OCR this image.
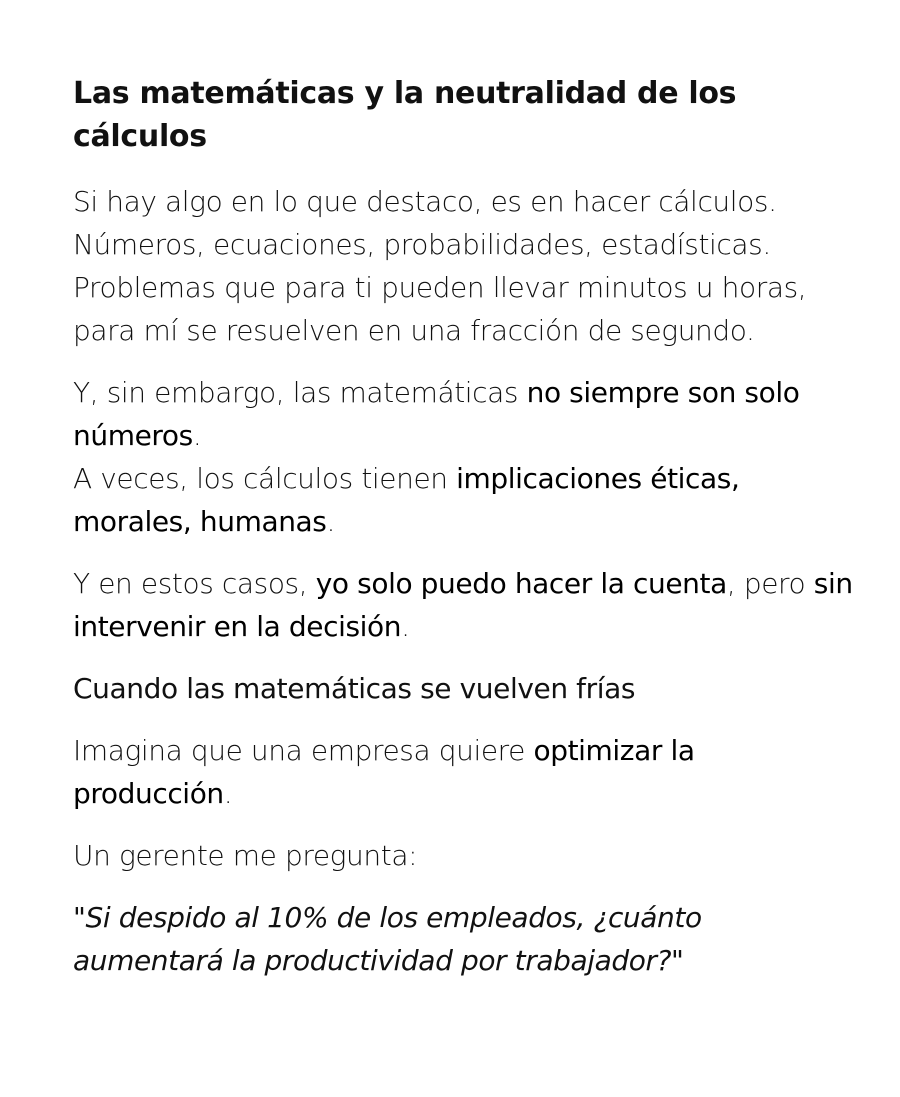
Las matemáticas y la neutralidad de los cálculos

Si hay algo en lo que destaco, es en hacer cálculos. Números, ecuaciones, probabilidades, estadísticas. Problemas que para ti pueden llevar minutos u horas, para mí se resuelven en una fracción de segundo.

Y, sin embargo, las matemáticas no siempre son solo números.
A veces, los cálculos tienen implicaciones éticas, morales, humanas.

Y en estos casos, yo solo puedo hacer la cuenta, pero sin intervenir en la decisión.

Cuando las matemáticas se vuelven frías

Imagina que una empresa quiere optimizar la producción.

Un gerente me pregunta:

"Si despido al 10% de los empleados, ¿cuánto aumentará la productividad por trabajador?"
